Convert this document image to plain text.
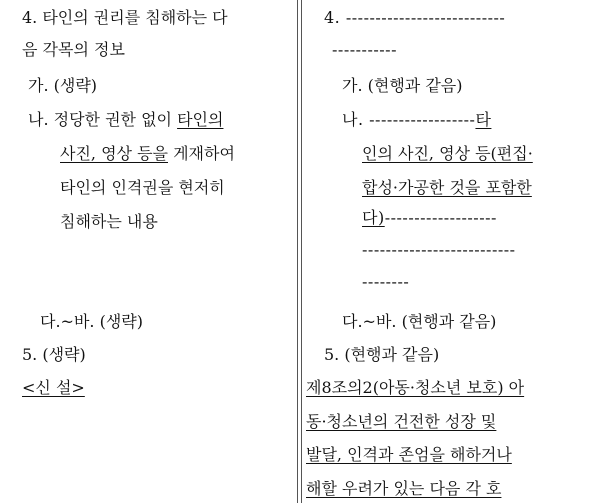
4. 타인의 권리를 침해하는 다
음 각목의 정보
가. (생략)
나. 정당한 권한 없이 타인의
사진, 영상 등을 게재하여
타인의 인격권을 현저히
침해하는 내용
다.~바. (생략)
5. (생략)
<신 설>
4. ---------------------------
-----------
가. (현행과 같음)
나. ------------------타
인의 사진, 영상 등(편집·
합성·가공한 것을 포함한
다)-------------------
--------------------------
--------
다.~바. (현행과 같음)
5. (현행과 같음)
제8조의2(아동·청소년 보호) 아
동·청소년의 건전한 성장 및
발달, 인격과 존엄을 해하거나
해할 우려가 있는 다음 각 호
